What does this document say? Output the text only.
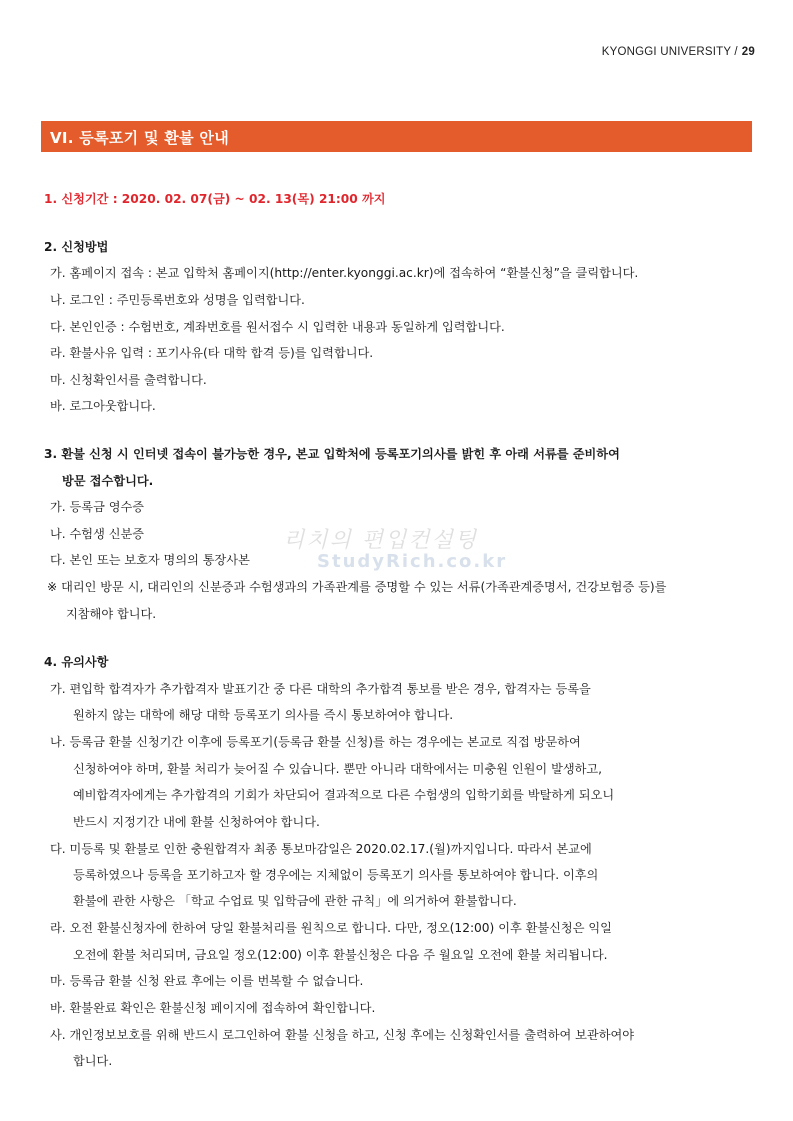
KYONGGI UNIVERSITY / 29
VI. 등록포기 및 환불 안내
1. 신청기간 : 2020. 02. 07(금) ~ 02. 13(목) 21:00 까지
2. 신청방법
가. 홈페이지 접속 : 본교 입학처 홈페이지(http://enter.kyonggi.ac.kr)에 접속하여 “환불신청”을 클릭합니다.
나. 로그인 : 주민등록번호와 성명을 입력합니다.
다. 본인인증 : 수험번호, 계좌번호를 원서접수 시 입력한 내용과 동일하게 입력합니다.
라. 환불사유 입력 : 포기사유(타 대학 합격 등)를 입력합니다.
마. 신청확인서를 출력합니다.
바. 로그아웃합니다.
3. 환불 신청 시 인터넷 접속이 불가능한 경우, 본교 입학처에 등록포기의사를 밝힌 후 아래 서류를 준비하여
방문 접수합니다.
가. 등록금 영수증
나. 수험생 신분증
다. 본인 또는 보호자 명의의 통장사본
※ 대리인 방문 시, 대리인의 신분증과 수험생과의 가족관계를 증명할 수 있는 서류(가족관계증명서, 건강보험증 등)를
지참해야 합니다.
4. 유의사항
가. 편입학 합격자가 추가합격자 발표기간 중 다른 대학의 추가합격 통보를 받은 경우, 합격자는 등록을
원하지 않는 대학에 해당 대학 등록포기 의사를 즉시 통보하여야 합니다.
나. 등록금 환불 신청기간 이후에 등록포기(등록금 환불 신청)를 하는 경우에는 본교로 직접 방문하여
신청하여야 하며, 환불 처리가 늦어질 수 있습니다. 뿐만 아니라 대학에서는 미충원 인원이 발생하고,
예비합격자에게는 추가합격의 기회가 차단되어 결과적으로 다른 수험생의 입학기회를 박탈하게 되오니
반드시 지정기간 내에 환불 신청하여야 합니다.
다. 미등록 및 환불로 인한 충원합격자 최종 통보마감일은 2020.02.17.(월)까지입니다. 따라서 본교에
등록하였으나 등록을 포기하고자 할 경우에는 지체없이 등록포기 의사를 통보하여야 합니다. 이후의
환불에 관한 사항은 「학교 수업료 및 입학금에 관한 규칙」에 의거하여 환불합니다.
라. 오전 환불신청자에 한하여 당일 환불처리를 원칙으로 합니다. 다만, 정오(12:00) 이후 환불신청은 익일
오전에 환불 처리되며, 금요일 정오(12:00) 이후 환불신청은 다음 주 월요일 오전에 환불 처리됩니다.
마. 등록금 환불 신청 완료 후에는 이를 번복할 수 없습니다.
바. 환불완료 확인은 환불신청 페이지에 접속하여 확인합니다.
사. 개인정보보호를 위해 반드시 로그인하여 환불 신청을 하고, 신청 후에는 신청확인서를 출력하여 보관하여야
합니다.
리치의 편입컨설팅
StudyRich.co.kr
